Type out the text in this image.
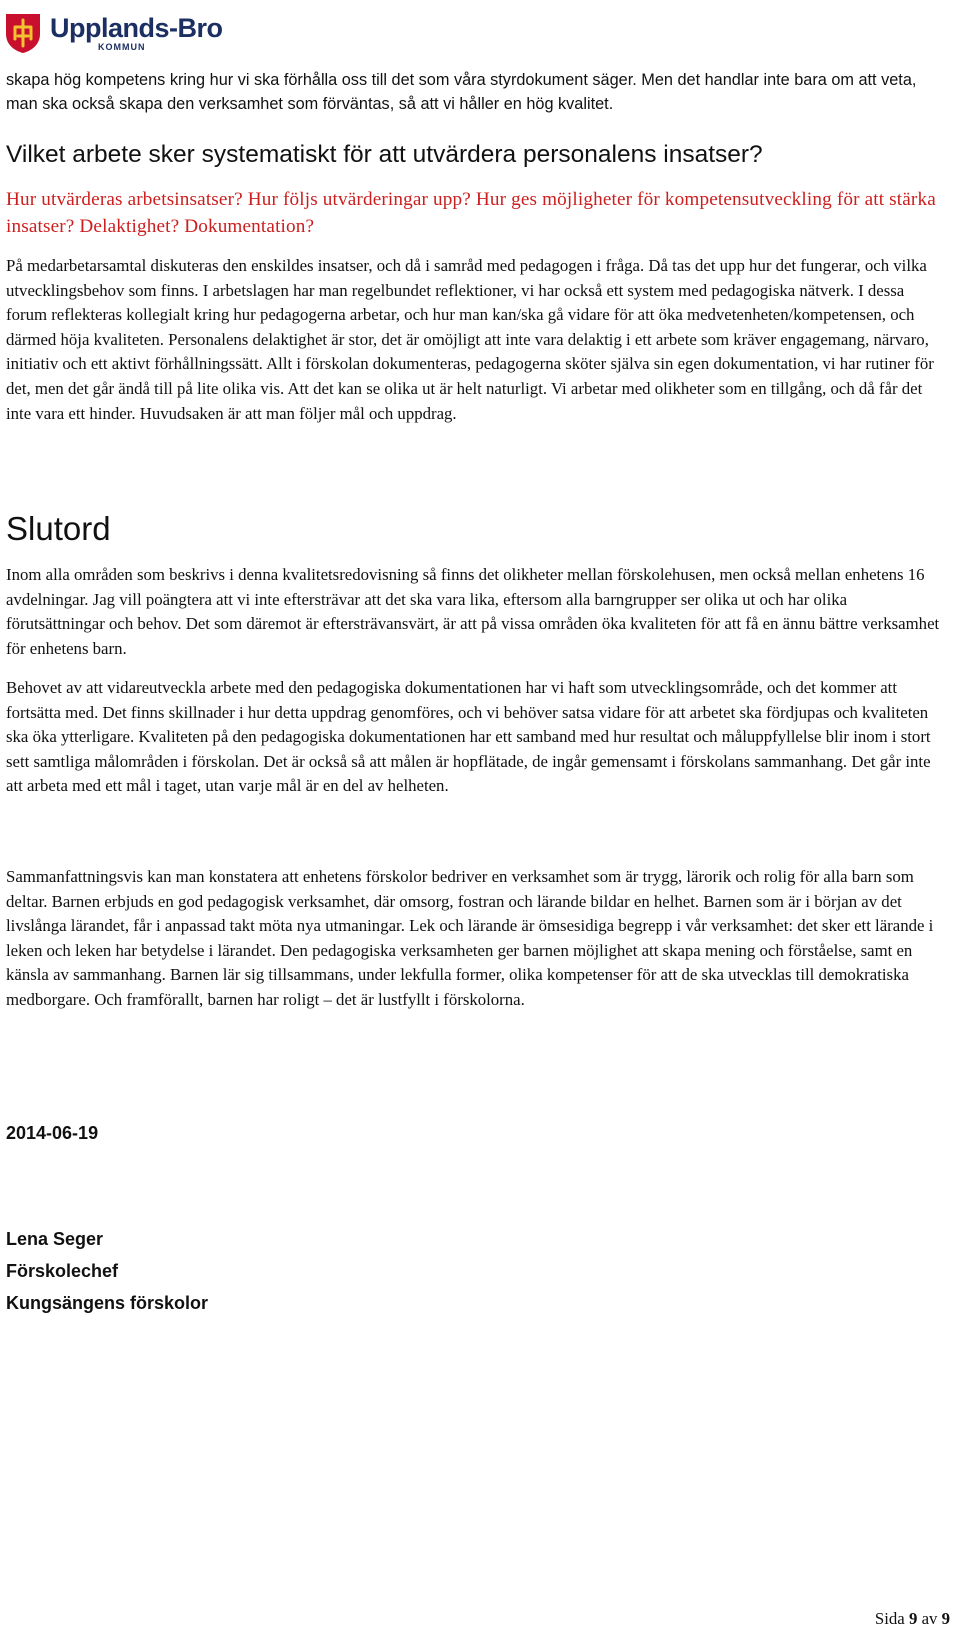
Upplands-Bro
KOMMUN

skapa hög kompetens kring hur vi ska förhålla oss till det som våra styrdokument säger. Men det handlar inte bara om att veta, man ska också skapa den verksamhet som förväntas, så att vi håller en hög kvalitet.

Vilket arbete sker systematiskt för att utvärdera personalens insatser?

Hur utvärderas arbetsinsatser? Hur följs utvärderingar upp? Hur ges möjligheter för kompetensutveckling för att stärka insatser? Delaktighet? Dokumentation?

På medarbetarsamtal diskuteras den enskildes insatser, och då i samråd med pedagogen i fråga. Då tas det upp hur det fungerar, och vilka utvecklingsbehov som finns. I arbetslagen har man regelbundet reflektioner, vi har också ett system med pedagogiska nätverk. I dessa forum reflekteras kollegialt kring hur pedagogerna arbetar, och hur man kan/ska gå vidare för att öka medvetenheten/kompetensen, och därmed höja kvaliteten. Personalens delaktighet är stor, det är omöjligt att inte vara delaktig i ett arbete som kräver engagemang, närvaro, initiativ och ett aktivt förhållningssätt. Allt i förskolan dokumenteras, pedagogerna sköter själva sin egen dokumentation, vi har rutiner för det, men det går ändå till på lite olika vis. Att det kan se olika ut är helt naturligt. Vi arbetar med olikheter som en tillgång, och då får det inte vara ett hinder. Huvudsaken är att man följer mål och uppdrag.

Slutord

Inom alla områden som beskrivs i denna kvalitetsredovisning så finns det olikheter mellan förskolehusen, men också mellan enhetens 16 avdelningar. Jag vill poängtera att vi inte eftersträvar att det ska vara lika, eftersom alla barngrupper ser olika ut och har olika förutsättningar och behov. Det som däremot är eftersträvansvärt, är att på vissa områden öka kvaliteten för att få en ännu bättre verksamhet för enhetens barn.

Behovet av att vidareutveckla arbete med den pedagogiska dokumentationen har vi haft som utvecklingsområde, och det kommer att fortsätta med. Det finns skillnader i hur detta uppdrag genomföres, och vi behöver satsa vidare för att arbetet ska fördjupas och kvaliteten ska öka ytterligare. Kvaliteten på den pedagogiska dokumentationen har ett samband med hur resultat och måluppfyllelse blir inom i stort sett samtliga målområden i förskolan. Det är också så att målen är hopflätade, de ingår gemensamt i förskolans sammanhang. Det går inte att arbeta med ett mål i taget, utan varje mål är en del av helheten.

Sammanfattningsvis kan man konstatera att enhetens förskolor bedriver en verksamhet som är trygg, lärorik och rolig för alla barn som deltar. Barnen erbjuds en god pedagogisk verksamhet, där omsorg, fostran och lärande bildar en helhet. Barnen som är i början av det livslånga lärandet, får i anpassad takt möta nya utmaningar. Lek och lärande är ömsesidiga begrepp i vår verksamhet: det sker ett lärande i leken och leken har betydelse i lärandet. Den pedagogiska verksamheten ger barnen möjlighet att skapa mening och förståelse, samt en känsla av sammanhang. Barnen lär sig tillsammans, under lekfulla former, olika kompetenser för att de ska utvecklas till demokratiska medborgare. Och framförallt, barnen har roligt – det är lustfyllt i förskolorna.

2014-06-19
Lena Seger
Förskolechef
Kungsängens förskolor
Sida 9 av 9
